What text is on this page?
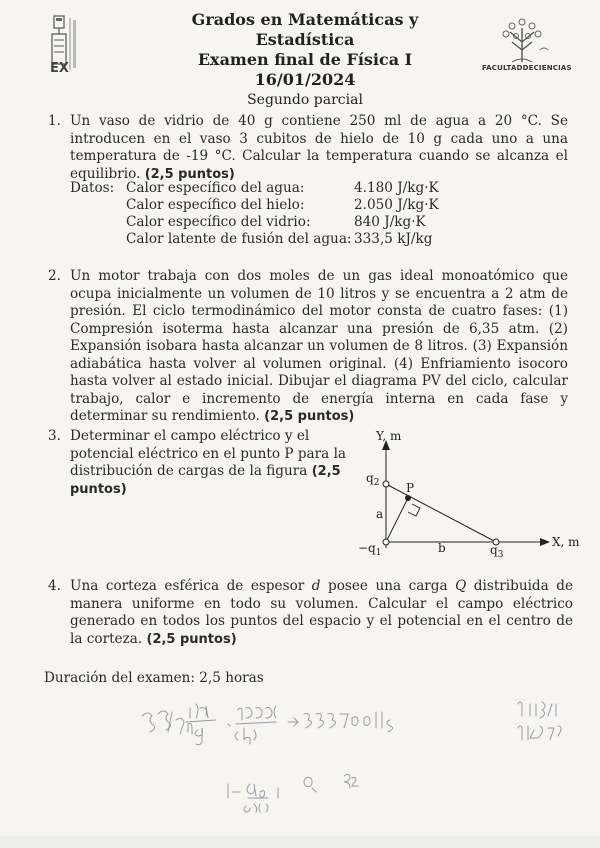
EX
Grados en Matemáticas y Estadística
Examen final de Física I
16/01/2024
Segundo parcial
FACULTADDECIENCIAS
1. Un vaso de vidrio de 40 g contiene 250 ml de agua a 20 °C. Se introducen en el vaso 3 cubitos de hielo de 10 g cada uno a una temperatura de -19 °C. Calcular la temperatura cuando se alcanza el equilibrio. (2,5 puntos)
Datos: Calor específico del agua:	4.180 J/kg·K
Calor específico del hielo:	2.050 J/kg·K
Calor específico del vidrio:	840 J/kg·K
Calor latente de fusión del agua: 333,5 kJ/kg
2. Un motor trabaja con dos moles de un gas ideal monoatómico que ocupa inicialmente un volumen de 10 litros y se encuentra a 2 atm de presión. El ciclo termodinámico del motor consta de cuatro fases: (1) Compresión isoterma hasta alcanzar una presión de 6,35 atm. (2) Expansión isobara hasta alcanzar un volumen de 8 litros. (3) Expansión adiabática hasta volver al volumen original. (4) Enfriamiento isocoro hasta volver al estado inicial. Dibujar el diagrama PV del ciclo, calcular trabajo, calor e incremento de energía interna en cada fase y determinar su rendimiento. (2,5 puntos)
3. Determinar el campo eléctrico y el potencial eléctrico en el punto P para la distribución de cargas de la figura (2,5 puntos)
Y, m
X, m
$q_2$
$-q_1$	$q_3$
P
a
b
4. Una corteza esférica de espesor d posee una carga Q distribuida de manera uniforme en todo su volumen. Calcular el campo eléctrico generado en todos los puntos del espacio y el potencial en el centro de la corteza. (2,5 puntos)
Duración del examen: 2,5 horas
